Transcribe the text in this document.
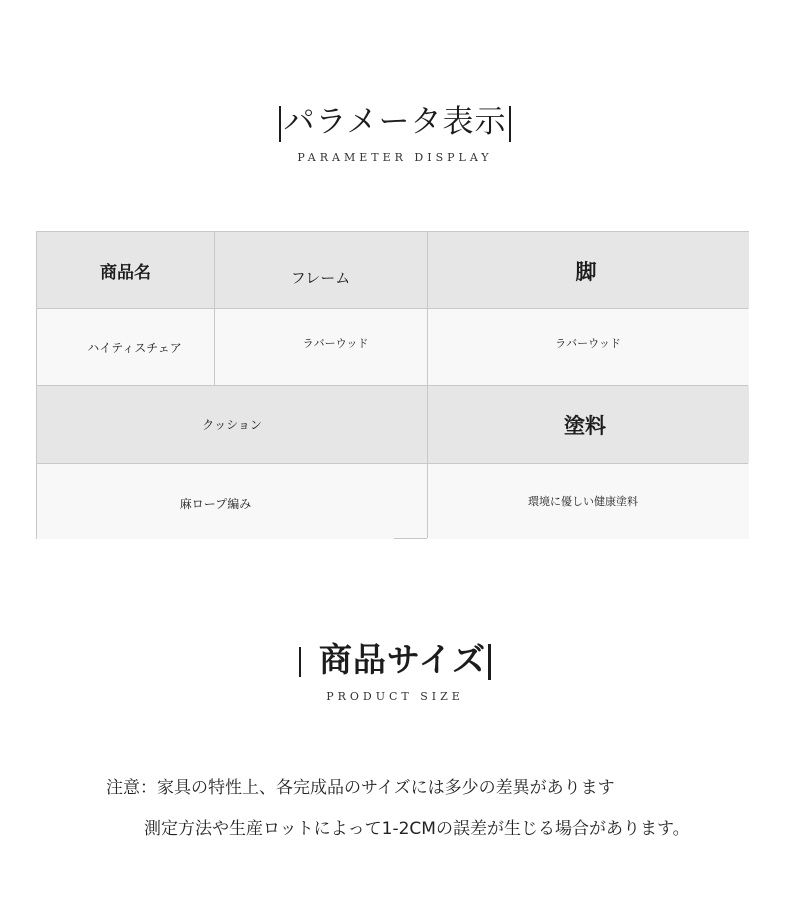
パラメータ表示
PARAMETER DISPLAY
商品名	フレーム	脚
ハイティスチェア	ラバーウッド	ラバーウッド
クッション	塗料
麻ロープ編み	環境に優しい健康塗料
商品サイズ
PRODUCT SIZE
注意：家具の特性上、各完成品のサイズには多少の差異があります
測定方法や生産ロットによって1-2CMの誤差が生じる場合があります。
